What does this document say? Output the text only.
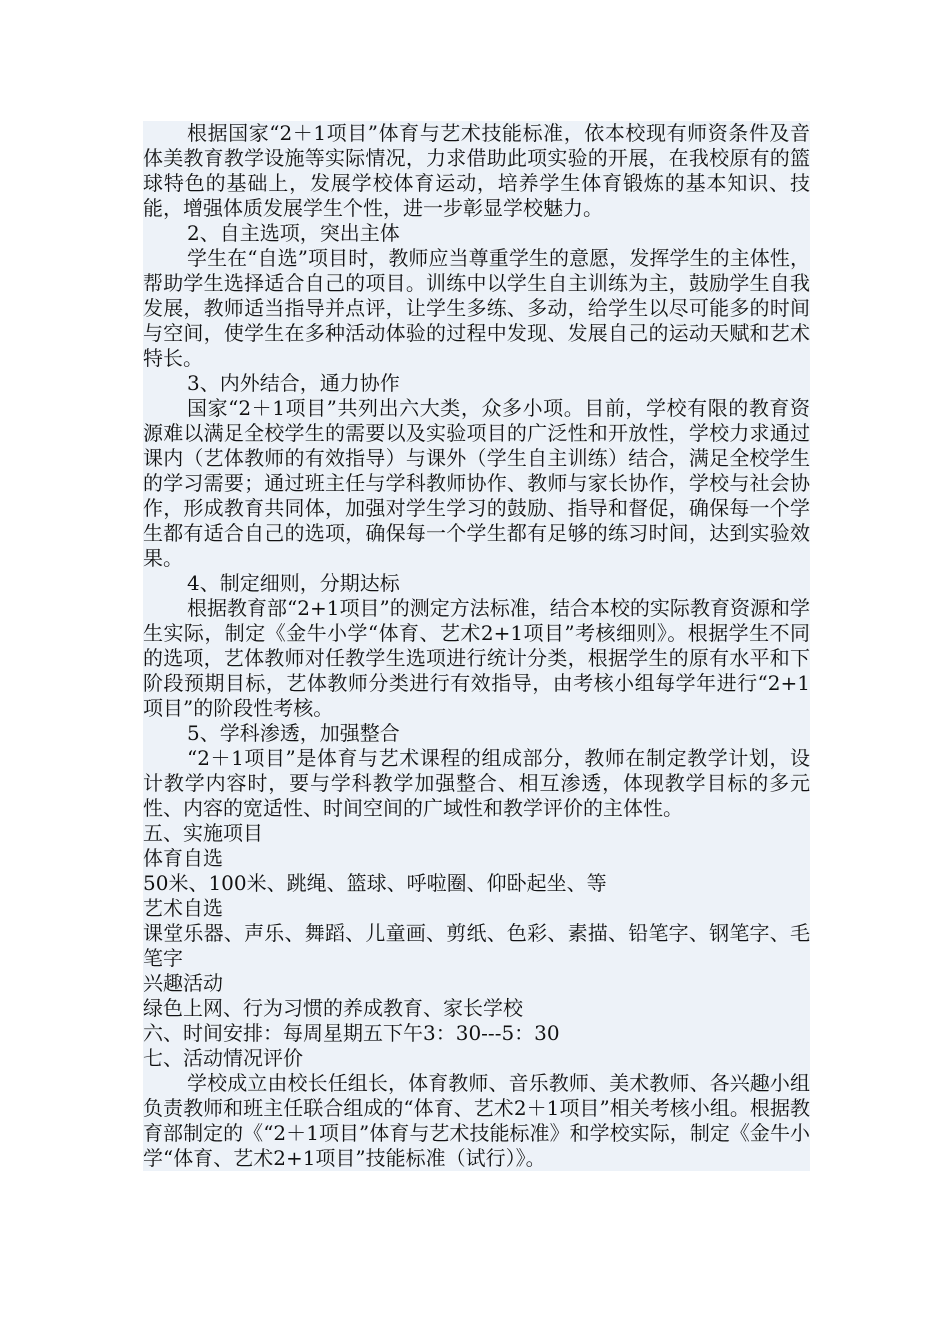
根据国家“2＋1项目”体育与艺术技能标准，依本校现有师资条件及音体美教育教学设施等实际情况，力求借助此项实验的开展，在我校原有的篮球特色的基础上，发展学校体育运动，培养学生体育锻炼的基本知识、技能，增强体质发展学生个性，进一步彰显学校魅力。

2、自主选项，突出主体

学生在“自选”项目时，教师应当尊重学生的意愿，发挥学生的主体性，帮助学生选择适合自己的项目。训练中以学生自主训练为主，鼓励学生自我发展，教师适当指导并点评，让学生多练、多动，给学生以尽可能多的时间与空间，使学生在多种活动体验的过程中发现、发展自己的运动天赋和艺术特长。

3、内外结合，通力协作

国家“2＋1项目”共列出六大类，众多小项。目前，学校有限的教育资源难以满足全校学生的需要以及实验项目的广泛性和开放性，学校力求通过课内（艺体教师的有效指导）与课外（学生自主训练）结合，满足全校学生的学习需要；通过班主任与学科教师协作、教师与家长协作，学校与社会协作，形成教育共同体，加强对学生学习的鼓励、指导和督促，确保每一个学生都有适合自己的选项，确保每一个学生都有足够的练习时间，达到实验效果。

4、制定细则，分期达标

根据教育部“2+1项目”的测定方法标准，结合本校的实际教育资源和学生实际，制定《金牛小学“体育、艺术2+1项目”考核细则》。根据学生不同的选项，艺体教师对任教学生选项进行统计分类，根据学生的原有水平和下阶段预期目标，艺体教师分类进行有效指导，由考核小组每学年进行“2+1项目”的阶段性考核。

5、学科渗透，加强整合

“2＋1项目”是体育与艺术课程的组成部分，教师在制定教学计划，设计教学内容时，要与学科教学加强整合、相互渗透，体现教学目标的多元性、内容的宽适性、时间空间的广域性和教学评价的主体性。

五、实施项目

体育自选

50米、100米、跳绳、篮球、呼啦圈、仰卧起坐、等

艺术自选

课堂乐器、声乐、舞蹈、儿童画、剪纸、色彩、素描、铅笔字、钢笔字、毛笔字

兴趣活动

绿色上网、行为习惯的养成教育、家长学校

六、时间安排：每周星期五下午3：30---5：30

七、活动情况评价

学校成立由校长任组长，体育教师、音乐教师、美术教师、各兴趣小组负责教师和班主任联合组成的“体育、艺术2＋1项目”相关考核小组。根据教育部制定的《“2＋1项目”体育与艺术技能标准》和学校实际，制定《金牛小学“体育、艺术2+1项目”技能标准（试行）》。
